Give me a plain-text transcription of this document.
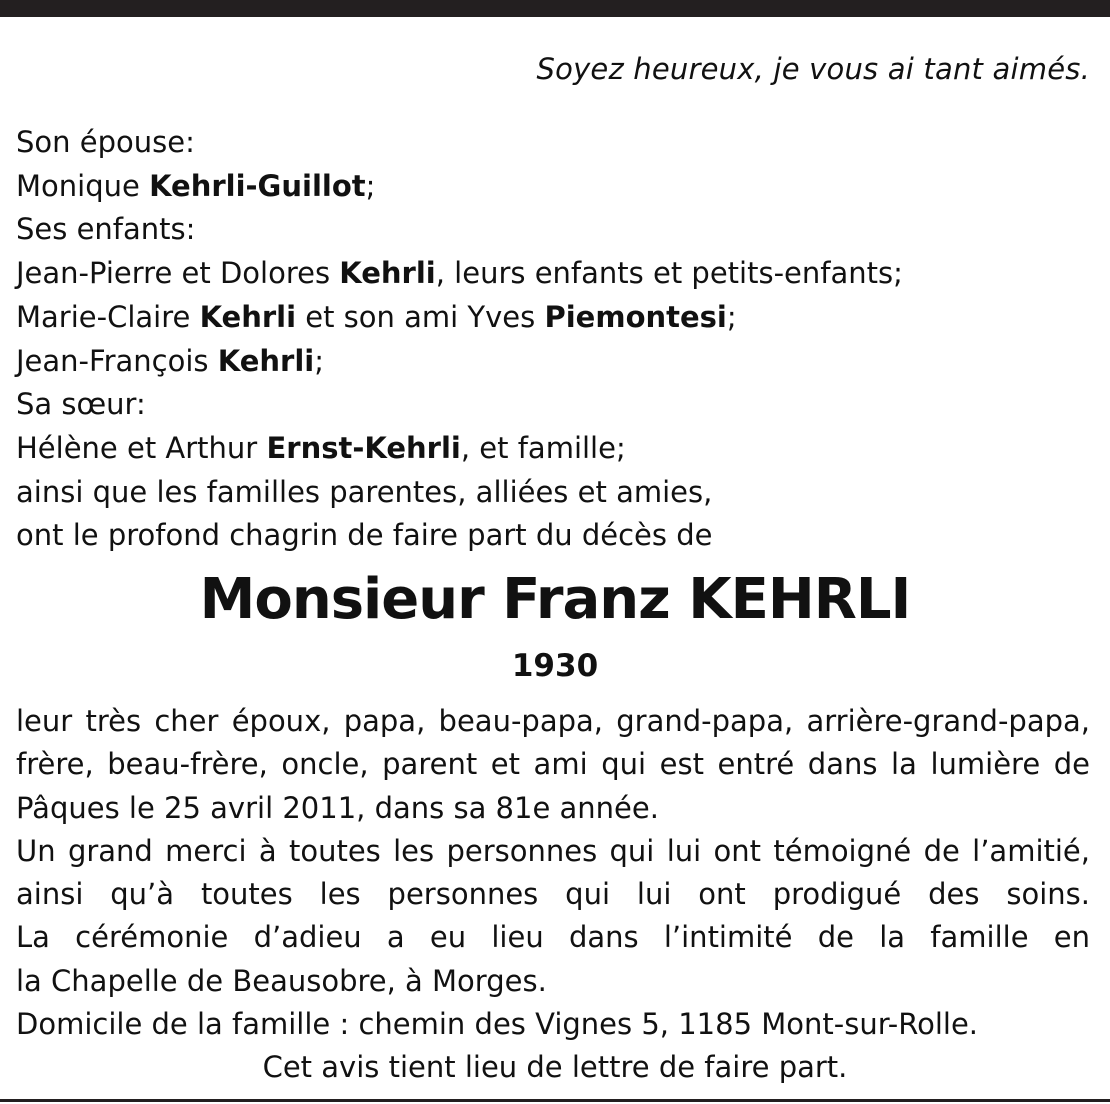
Soyez heureux, je vous ai tant aimés.
Son épouse:
Monique Kehrli-Guillot;
Ses enfants:
Jean-Pierre et Dolores Kehrli, leurs enfants et petits-enfants;
Marie-Claire Kehrli et son ami Yves Piemontesi;
Jean-François Kehrli;
Sa sœur:
Hélène et Arthur Ernst-Kehrli, et famille;
ainsi que les familles parentes, alliées et amies,
ont le profond chagrin de faire part du décès de
Monsieur Franz KEHRLI
1930
leur très cher époux, papa, beau-papa, grand-papa, arrière-grand-papa,
frère, beau-frère, oncle, parent et ami qui est entré dans la lumière de
Pâques le 25 avril 2011, dans sa 81e année.
Un grand merci à toutes les personnes qui lui ont témoigné de l’amitié,
ainsi qu’à toutes les personnes qui lui ont prodigué des soins.
La cérémonie d’adieu a eu lieu dans l’intimité de la famille en
la Chapelle de Beausobre, à Morges.
Domicile de la famille : chemin des Vignes 5, 1185 Mont-sur-Rolle.
Cet avis tient lieu de lettre de faire part.
